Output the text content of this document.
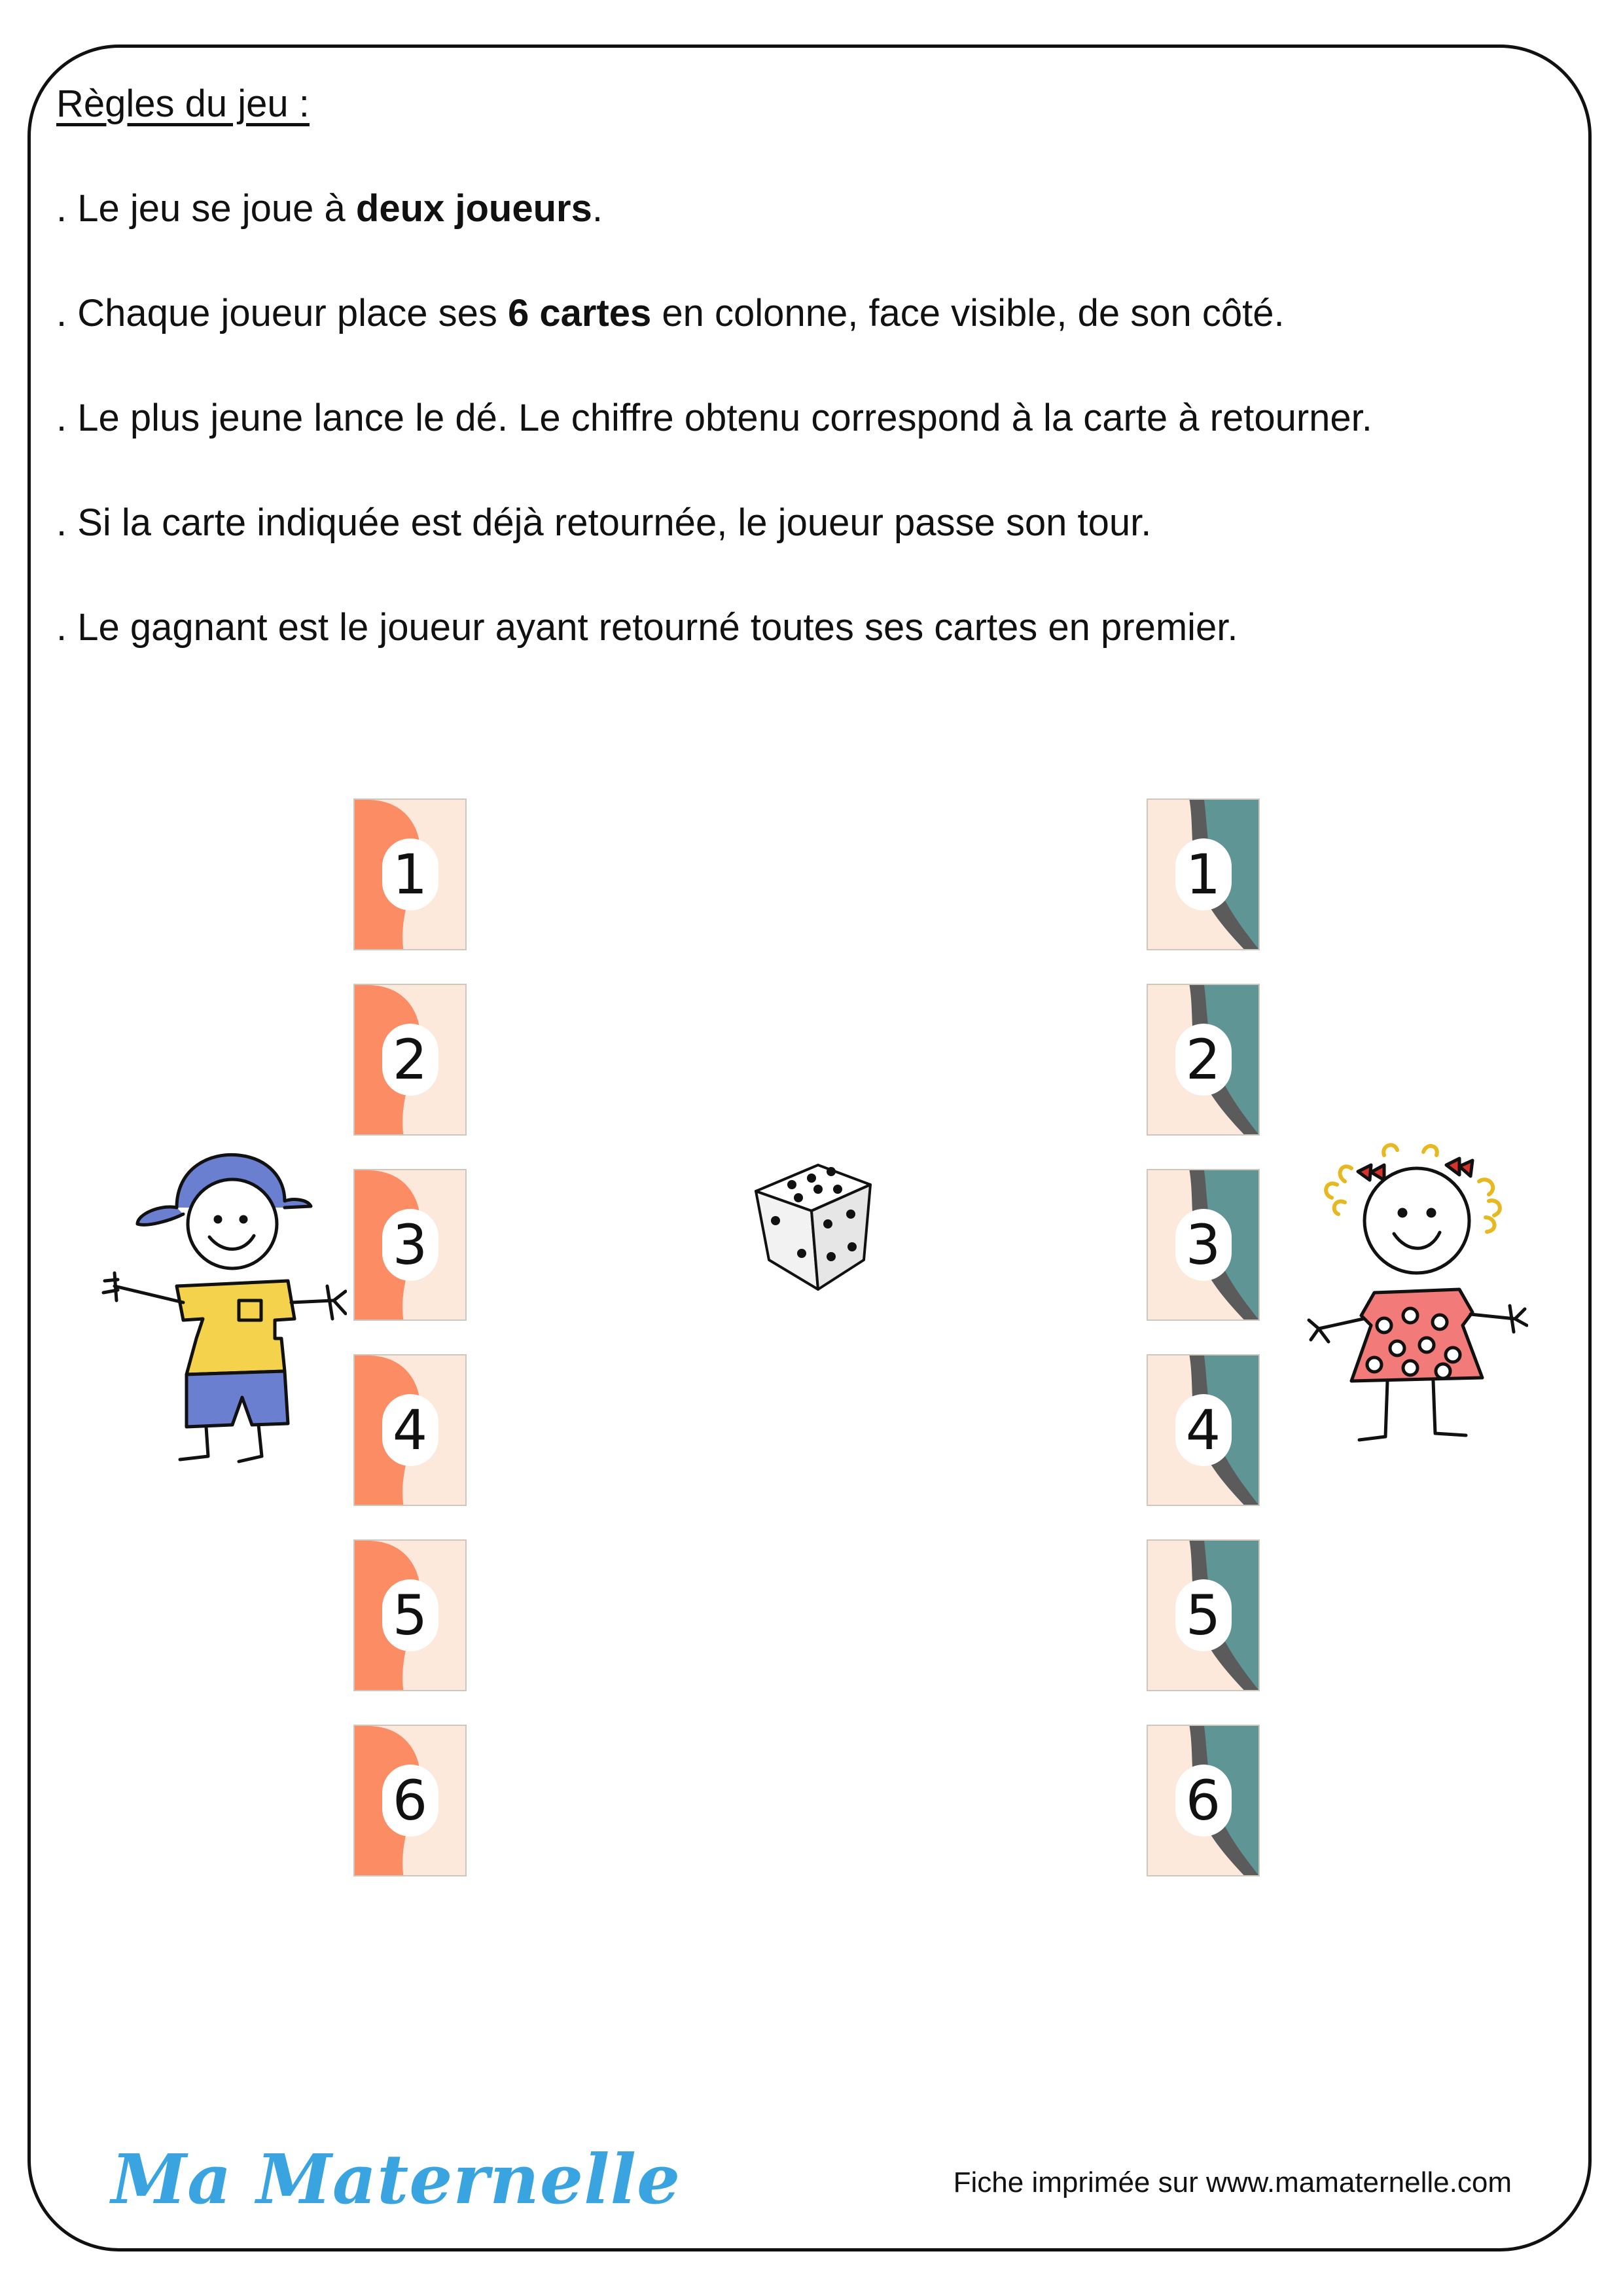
Règles du jeu :
. Le jeu se joue à deux joueurs.
. Chaque joueur place ses 6 cartes en colonne, face visible, de son côté.
. Le plus jeune lance le dé. Le chiffre obtenu correspond à la carte à retourner.
. Si la carte indiquée est déjà retournée, le joueur passe son tour.
. Le gagnant est le joueur ayant retourné toutes ses cartes en premier.
1
2
3
4
5
6
1
2
3
4
5
6
Ma Maternelle	Fiche imprimée sur www.mamaternelle.com
